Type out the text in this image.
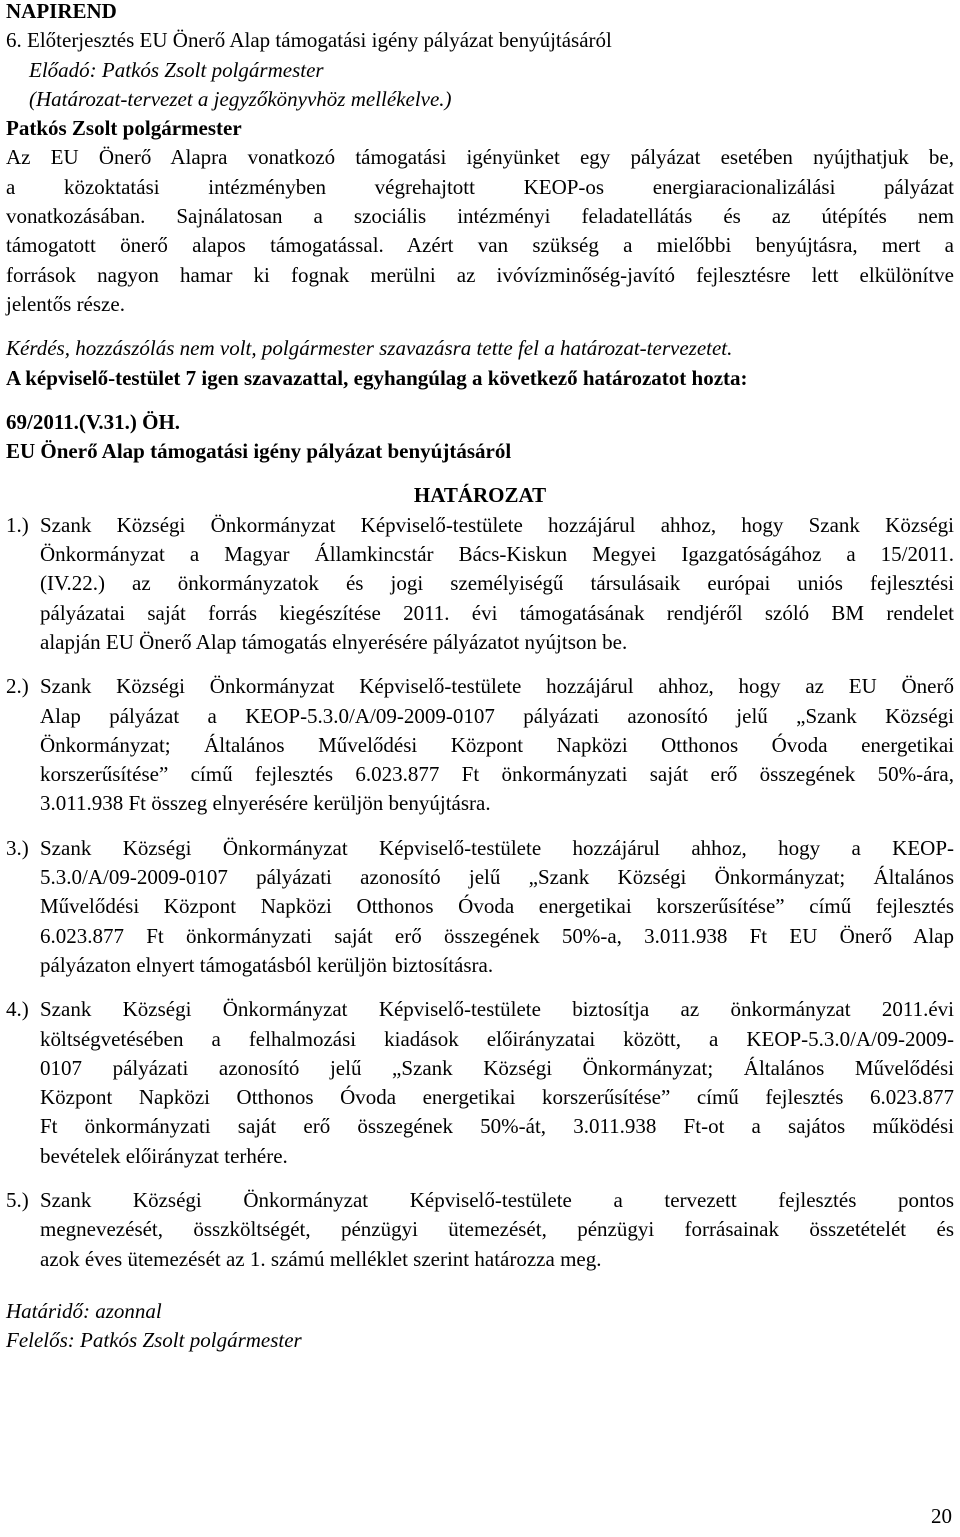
NAPIREND
6. Előterjesztés EU Önerő Alap támogatási igény pályázat benyújtásáról
Előadó: Patkós Zsolt polgármester
(Határozat-tervezet a jegyzőkönyvhöz mellékelve.)
Patkós Zsolt polgármester
Az EU Önerő Alapra vonatkozó támogatási igényünket egy pályázat esetében nyújthatjuk be,
a közoktatási intézményben végrehajtott KEOP-os energiaracionalizálási pályázat
vonatkozásában. Sajnálatosan a szociális intézményi feladatellátás és az útépítés nem
támogatott önerő alapos támogatással. Azért van szükség a mielőbbi benyújtásra, mert a
források nagyon hamar ki fognak merülni az ivóvízminőség-javító fejlesztésre lett elkülönítve
jelentős része.
Kérdés, hozzászólás nem volt, polgármester szavazásra tette fel a határozat-tervezetet.
A képviselő-testület 7 igen szavazattal, egyhangúlag a következő határozatot hozta:
69/2011.(V.31.) ÖH.
EU Önerő Alap támogatási igény pályázat benyújtásáról
HATÁROZAT
1.) Szank Községi Önkormányzat Képviselő-testülete hozzájárul ahhoz, hogy Szank Községi
Önkormányzat a Magyar Államkincstár Bács-Kiskun Megyei Igazgatóságához a 15/2011.
(IV.22.) az önkormányzatok és jogi személyiségű társulásaik európai uniós fejlesztési
pályázatai saját forrás kiegészítése 2011. évi támogatásának rendjéről szóló BM rendelet
alapján EU Önerő Alap támogatás elnyerésére pályázatot nyújtson be.
2.) Szank Községi Önkormányzat Képviselő-testülete hozzájárul ahhoz, hogy az EU Önerő
Alap pályázat a KEOP-5.3.0/A/09-2009-0107 pályázati azonosító jelű „Szank Községi
Önkormányzat; Általános Művelődési Központ Napközi Otthonos Óvoda energetikai
korszerűsítése” című fejlesztés 6.023.877 Ft önkormányzati saját erő összegének 50%-ára,
3.011.938 Ft összeg elnyerésére kerüljön benyújtásra.
3.) Szank Községi Önkormányzat Képviselő-testülete hozzájárul ahhoz, hogy a KEOP-
5.3.0/A/09-2009-0107 pályázati azonosító jelű „Szank Községi Önkormányzat; Általános
Művelődési Központ Napközi Otthonos Óvoda energetikai korszerűsítése” című fejlesztés
6.023.877 Ft önkormányzati saját erő összegének 50%-a, 3.011.938 Ft EU Önerő Alap
pályázaton elnyert támogatásból kerüljön biztosításra.
4.) Szank Községi Önkormányzat Képviselő-testülete biztosítja az önkormányzat 2011.évi
költségvetésében a felhalmozási kiadások előirányzatai között, a KEOP-5.3.0/A/09-2009-
0107 pályázati azonosító jelű „Szank Községi Önkormányzat; Általános Művelődési
Központ Napközi Otthonos Óvoda energetikai korszerűsítése” című fejlesztés 6.023.877
Ft önkormányzati saját erő összegének 50%-át, 3.011.938 Ft-ot a sajátos működési
bevételek előirányzat terhére.
5.) Szank Községi Önkormányzat Képviselő-testülete a tervezett fejlesztés pontos
megnevezését, összköltségét, pénzügyi ütemezését, pénzügyi forrásainak összetételét és
azok éves ütemezését az 1. számú melléklet szerint határozza meg.
Határidő: azonnal
Felelős: Patkós Zsolt polgármester
20
